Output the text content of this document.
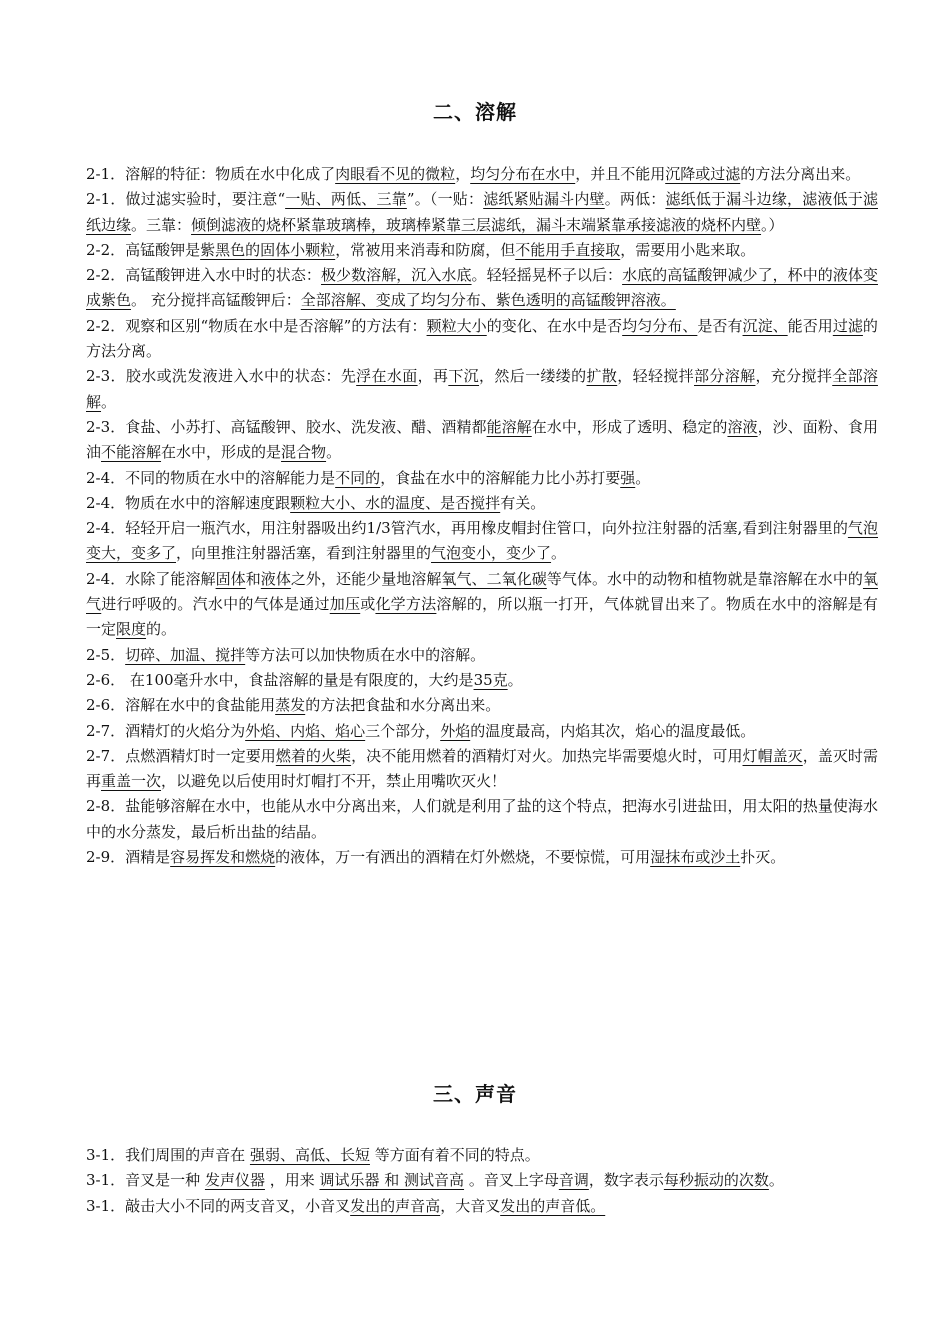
二、溶解

2-1．溶解的特征：物质在水中化成了肉眼看不见的微粒，均匀分布在水中，并且不能用沉降或过滤的方法分离出来。

2-1．做过滤实验时，要注意“一贴、两低、三靠”。（一贴：滤纸紧贴漏斗内壁。两低：滤纸低于漏斗边缘，滤液低于滤纸边缘。三靠：倾倒滤液的烧杯紧靠玻璃棒，玻璃棒紧靠三层滤纸，漏斗末端紧靠承接滤液的烧杯内壁。）

2-2．高锰酸钾是紫黑色的固体小颗粒，常被用来消毒和防腐，但不能用手直接取，需要用小匙来取。

2-2．高锰酸钾进入水中时的状态：极少数溶解，沉入水底。轻轻摇晃杯子以后：水底的高锰酸钾减少了，杯中的液体变成紫色。 充分搅拌高锰酸钾后：全部溶解、变成了均匀分布、紫色透明的高锰酸钾溶液。

2-2．观察和区别“物质在水中是否溶解”的方法有：颗粒大小的变化、在水中是否均匀分布、是否有沉淀、能否用过滤的方法分离。

2-3．胶水或洗发液进入水中的状态：先浮在水面，再下沉，然后一缕缕的扩散，轻轻搅拌部分溶解，充分搅拌全部溶解。

2-3．食盐、小苏打、高锰酸钾、胶水、洗发液、醋、酒精都能溶解在水中，形成了透明、稳定的溶液，沙、面粉、食用油不能溶解在水中，形成的是混合物。

2-4．不同的物质在水中的溶解能力是不同的，食盐在水中的溶解能力比小苏打要强。

2-4．物质在水中的溶解速度跟颗粒大小、水的温度、是否搅拌有关。

2-4．轻轻开启一瓶汽水，用注射器吸出约1/3管汽水，再用橡皮帽封住管口，向外拉注射器的活塞,看到注射器里的气泡变大，变多了，向里推注射器活塞，看到注射器里的气泡变小，变少了。

2-4．水除了能溶解固体和液体之外，还能少量地溶解氧气、二氧化碳等气体。水中的动物和植物就是靠溶解在水中的氧气进行呼吸的。汽水中的气体是通过加压或化学方法溶解的，所以瓶一打开，气体就冒出来了。物质在水中的溶解是有一定限度的。

2-5．切碎、加温、搅拌等方法可以加快物质在水中的溶解。

2-6． 在100毫升水中，食盐溶解的量是有限度的，大约是35克。

2-6．溶解在水中的食盐能用蒸发的方法把食盐和水分离出来。

2-7．酒精灯的火焰分为外焰、内焰、焰心三个部分，外焰的温度最高，内焰其次，焰心的温度最低。

2-7．点燃酒精灯时一定要用燃着的火柴，决不能用燃着的酒精灯对火。加热完毕需要熄火时，可用灯帽盖灭，盖灭时需再重盖一次，以避免以后使用时灯帽打不开，禁止用嘴吹灭火！

2-8．盐能够溶解在水中，也能从水中分离出来，人们就是利用了盐的这个特点，把海水引进盐田，用太阳的热量使海水中的水分蒸发，最后析出盐的结晶。

2-9．酒精是容易挥发和燃烧的液体，万一有洒出的酒精在灯外燃烧，不要惊慌，可用湿抹布或沙土扑灭。

三、声音

3-1．我们周围的声音在 强弱、高低、长短 等方面有着不同的特点。

3-1．音叉是一种 发声仪器 ，用来 调试乐器 和 测试音高 。音叉上字母音调，数字表示每秒振动的次数。

3-1．敲击大小不同的两支音叉，小音叉发出的声音高，大音叉发出的声音低。
